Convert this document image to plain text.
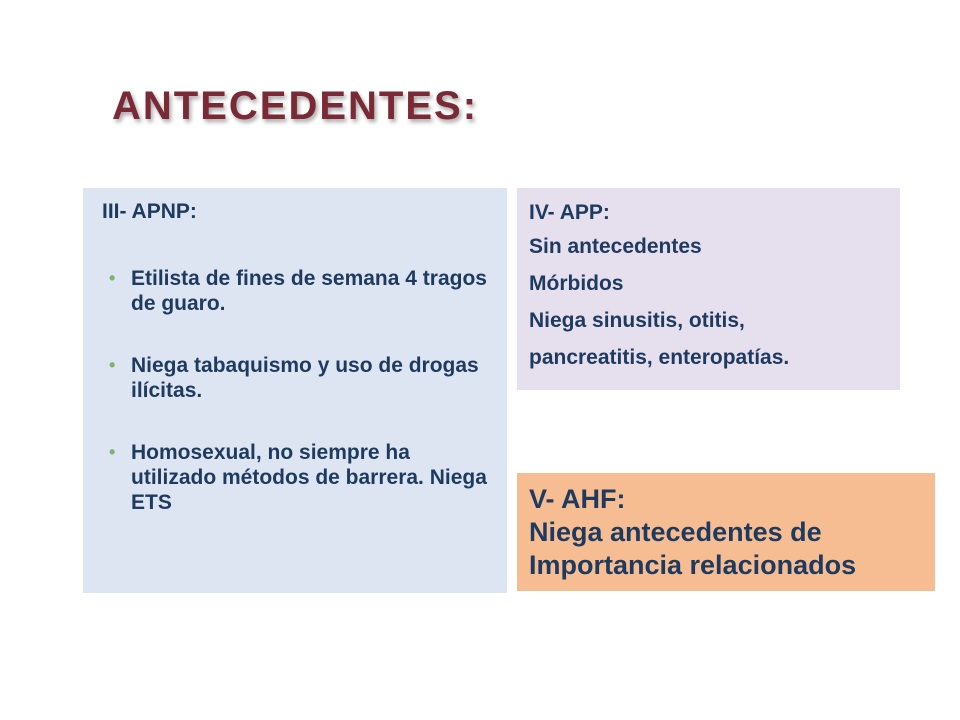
ANTECEDENTES:
III- APNP:
• Etilista de fines de semana 4 tragos de guaro.
• Niega tabaquismo y uso de drogas ilícitas.
• Homosexual, no siempre ha utilizado métodos de barrera. Niega ETS
IV- APP:
Sin antecedentes
Mórbidos
Niega sinusitis, otitis,
pancreatitis, enteropatías.
V- AHF:
Niega antecedentes de
Importancia relacionados
